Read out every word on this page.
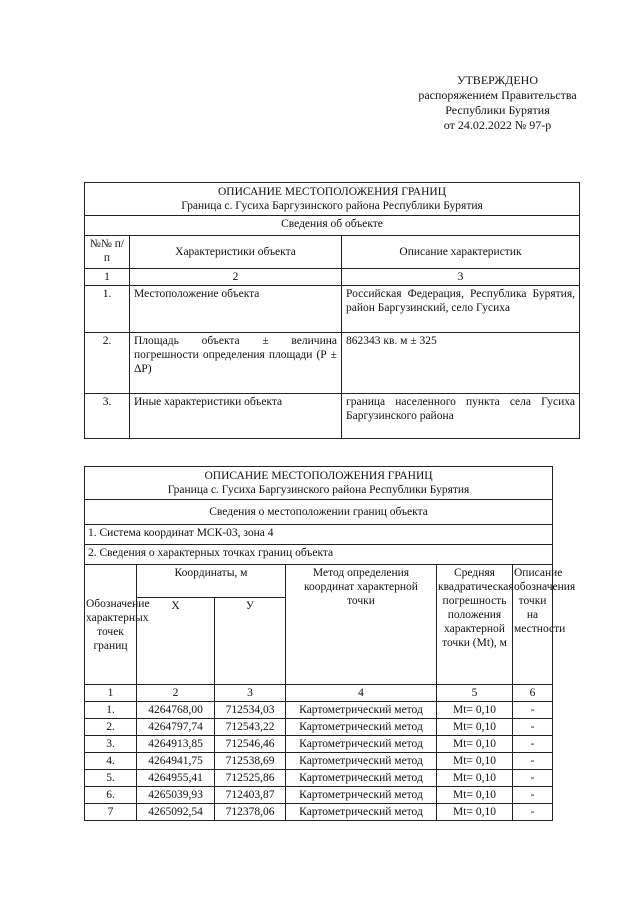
УТВЕРЖДЕНО
распоряжением Правительства
Республики Бурятия
от 24.02.2022 № 97-р
ОПИСАНИЕ МЕСТОПОЛОЖЕНИЯ ГРАНИЦ
Граница с. Гусиха Баргузинского района Республики Бурятия		

Сведения об объекте		
№№ п/п	Характеристики объекта	Описание характеристик
1	2	3
1.	Местоположение объекта	Российская Федерация, Республика Бурятия, район Баргузинский, село Гусиха
2.	Площадь объекта ± величина погрешности определения площади (Р ± ΔР)	862343 кв. м ± 325
3.	Иные характеристики объекта	граница населенного пункта села Гусиха Баргузинского района
ОПИСАНИЕ МЕСТОПОЛОЖЕНИЯ ГРАНИЦ
Граница с. Гусиха Баргузинского района Республики Бурятия					

Сведения о местоположении границ объекта					
1. Система координат МСК-03, зона 4					
2. Сведения о характерных точках границ объекта					
Обозначение характерных точек границ	Координаты, м		Метод определения координат характерной точки	Средняя квадратическая погрешность положения характерной точки (Mt), м	Описание обозначения точки на местности
	Х	У			
1	2	3	4	5	6
1.	4264768,00	712534,03	Картометрический метод	Mt= 0,10	-
2.	4264797,74	712543,22	Картометрический метод	Mt= 0,10	-
3.	4264913,85	712546,46	Картометрический метод	Mt= 0,10	-
4.	4264941,75	712538,69	Картометрический метод	Mt= 0,10	-
5.	4264955,41	712525,86	Картометрический метод	Mt= 0,10	-
6.	4265039,93	712403,87	Картометрический метод	Mt= 0,10	-
7	4265092,54	712378,06	Картометрический метод	Mt= 0,10	-
